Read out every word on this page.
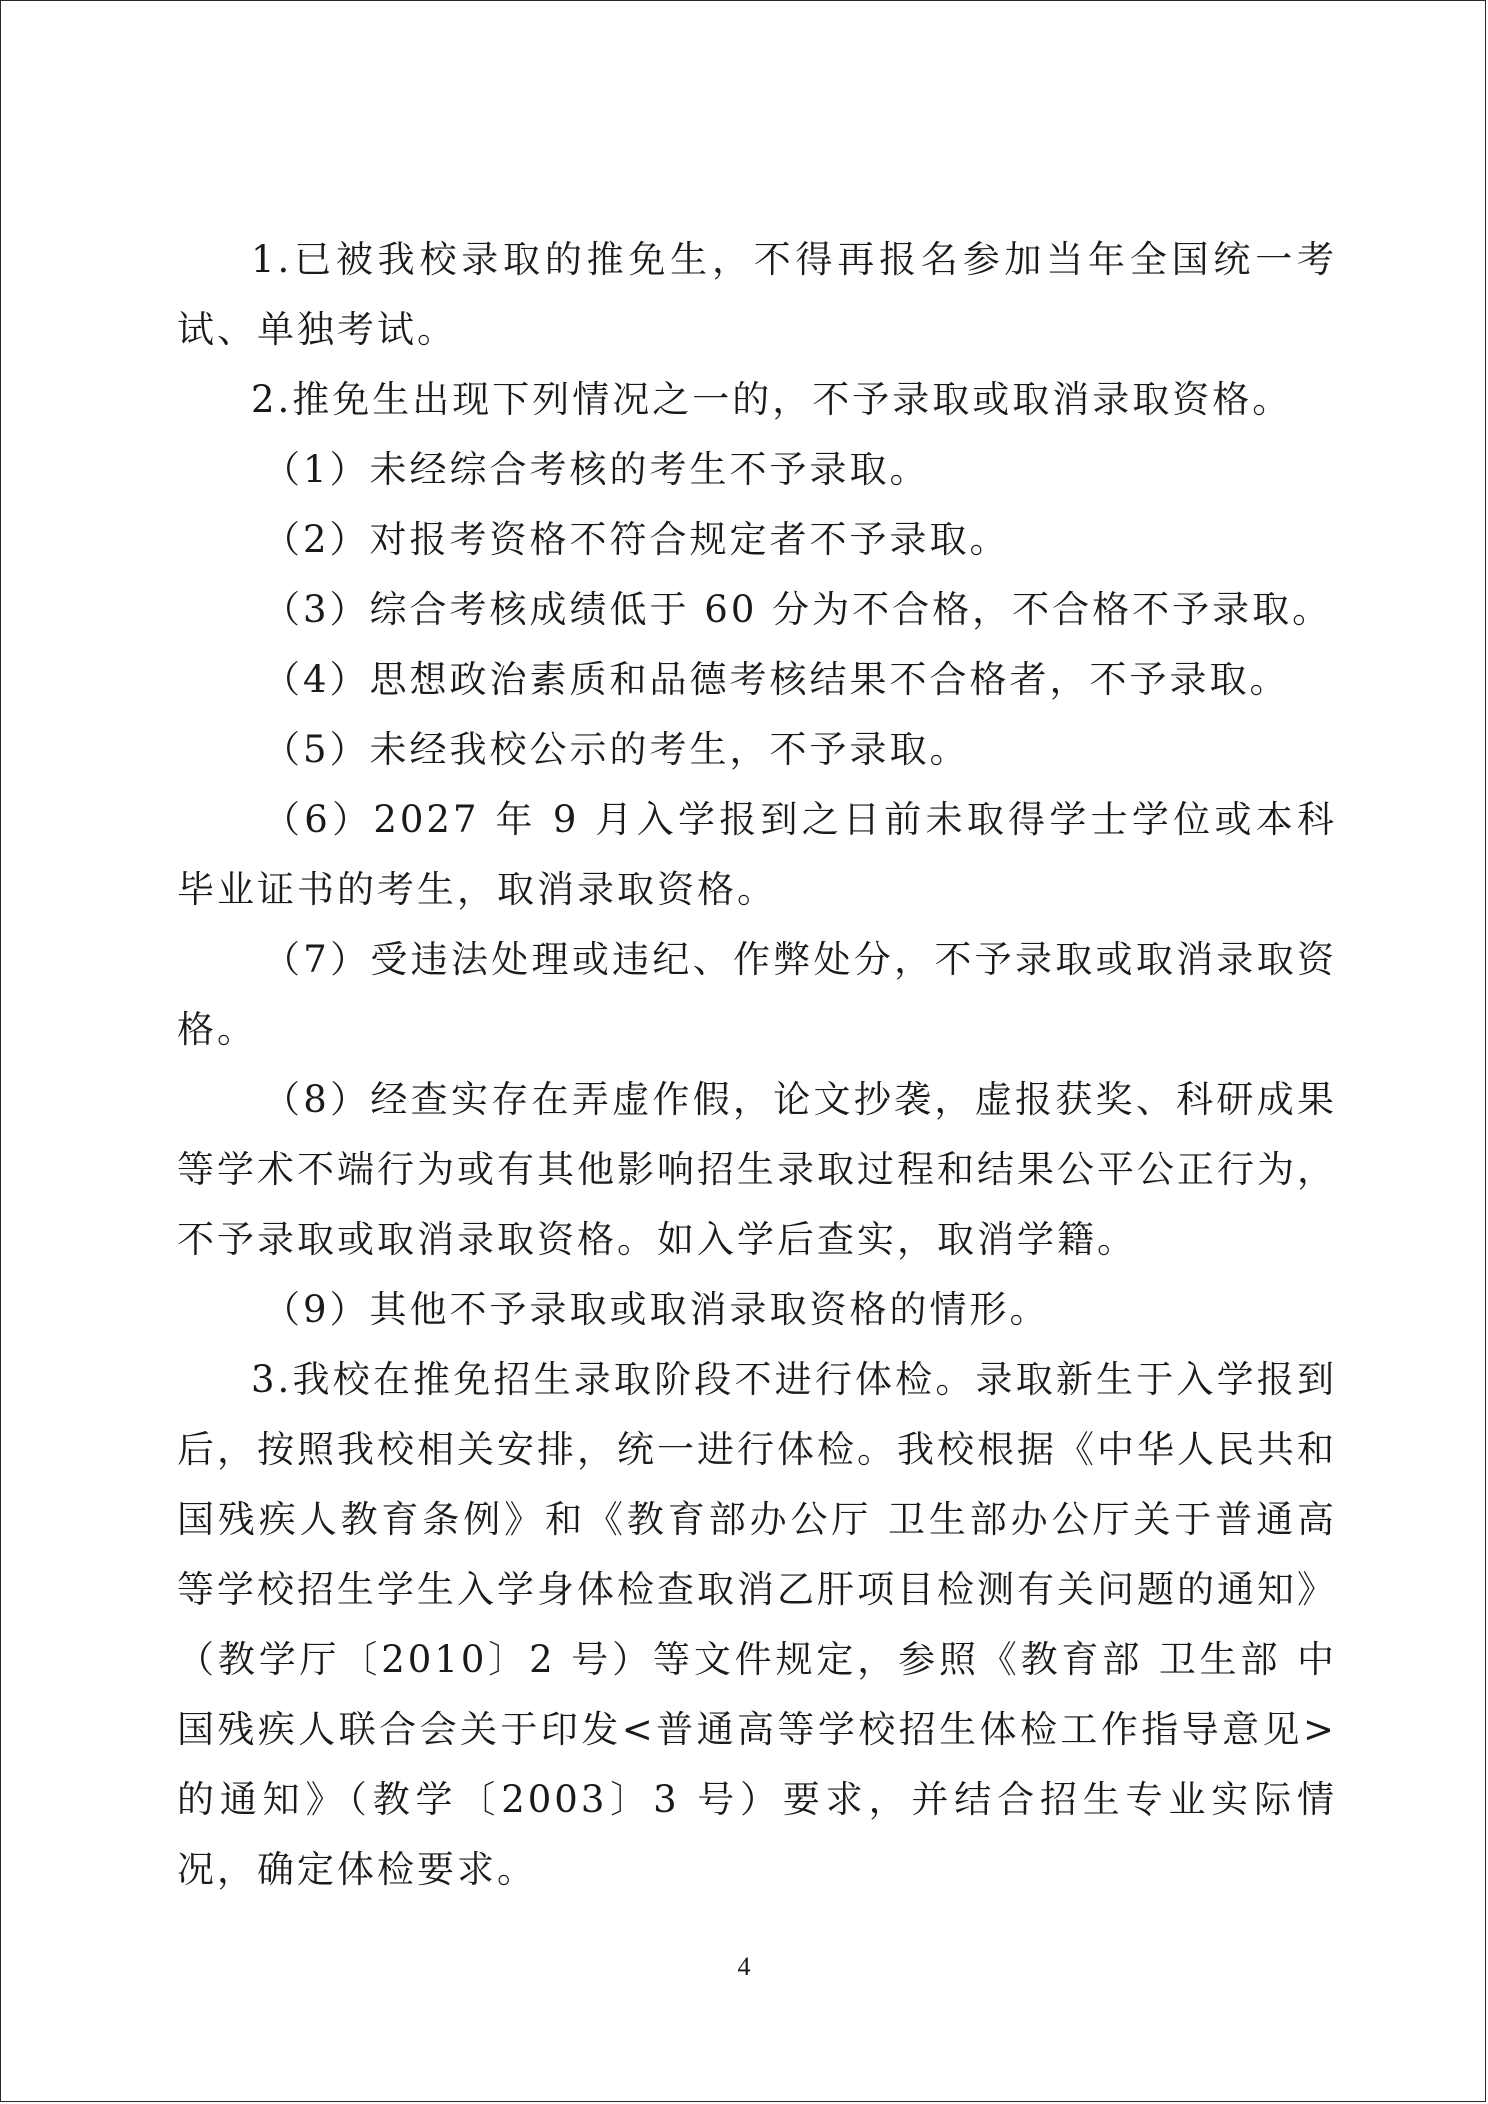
1.已被我校录取的推免生，不得再报名参加当年全国统一考试、单独考试。

2.推免生出现下列情况之一的，不予录取或取消录取资格。

（1）未经综合考核的考生不予录取。

（2）对报考资格不符合规定者不予录取。

（3）综合考核成绩低于 60 分为不合格，不合格不予录取。

（4）思想政治素质和品德考核结果不合格者，不予录取。

（5）未经我校公示的考生，不予录取。

（6）2027 年 9 月入学报到之日前未取得学士学位或本科毕业证书的考生，取消录取资格。

（7）受违法处理或违纪、作弊处分，不予录取或取消录取资格。

（8）经查实存在弄虚作假，论文抄袭，虚报获奖、科研成果等学术不端行为或有其他影响招生录取过程和结果公平公正行为，不予录取或取消录取资格。如入学后查实，取消学籍。

（9）其他不予录取或取消录取资格的情形。

3.我校在推免招生录取阶段不进行体检。录取新生于入学报到后，按照我校相关安排，统一进行体检。我校根据《中华人民共和国残疾人教育条例》和《教育部办公厅 卫生部办公厅关于普通高等学校招生学生入学身体检查取消乙肝项目检测有关问题的通知》（教学厅〔2010〕2 号）等文件规定，参照《教育部 卫生部 中国残疾人联合会关于印发<普通高等学校招生体检工作指导意见>的通知》（教学〔2003〕3 号）要求，并结合招生专业实际情况，确定体检要求。

4
